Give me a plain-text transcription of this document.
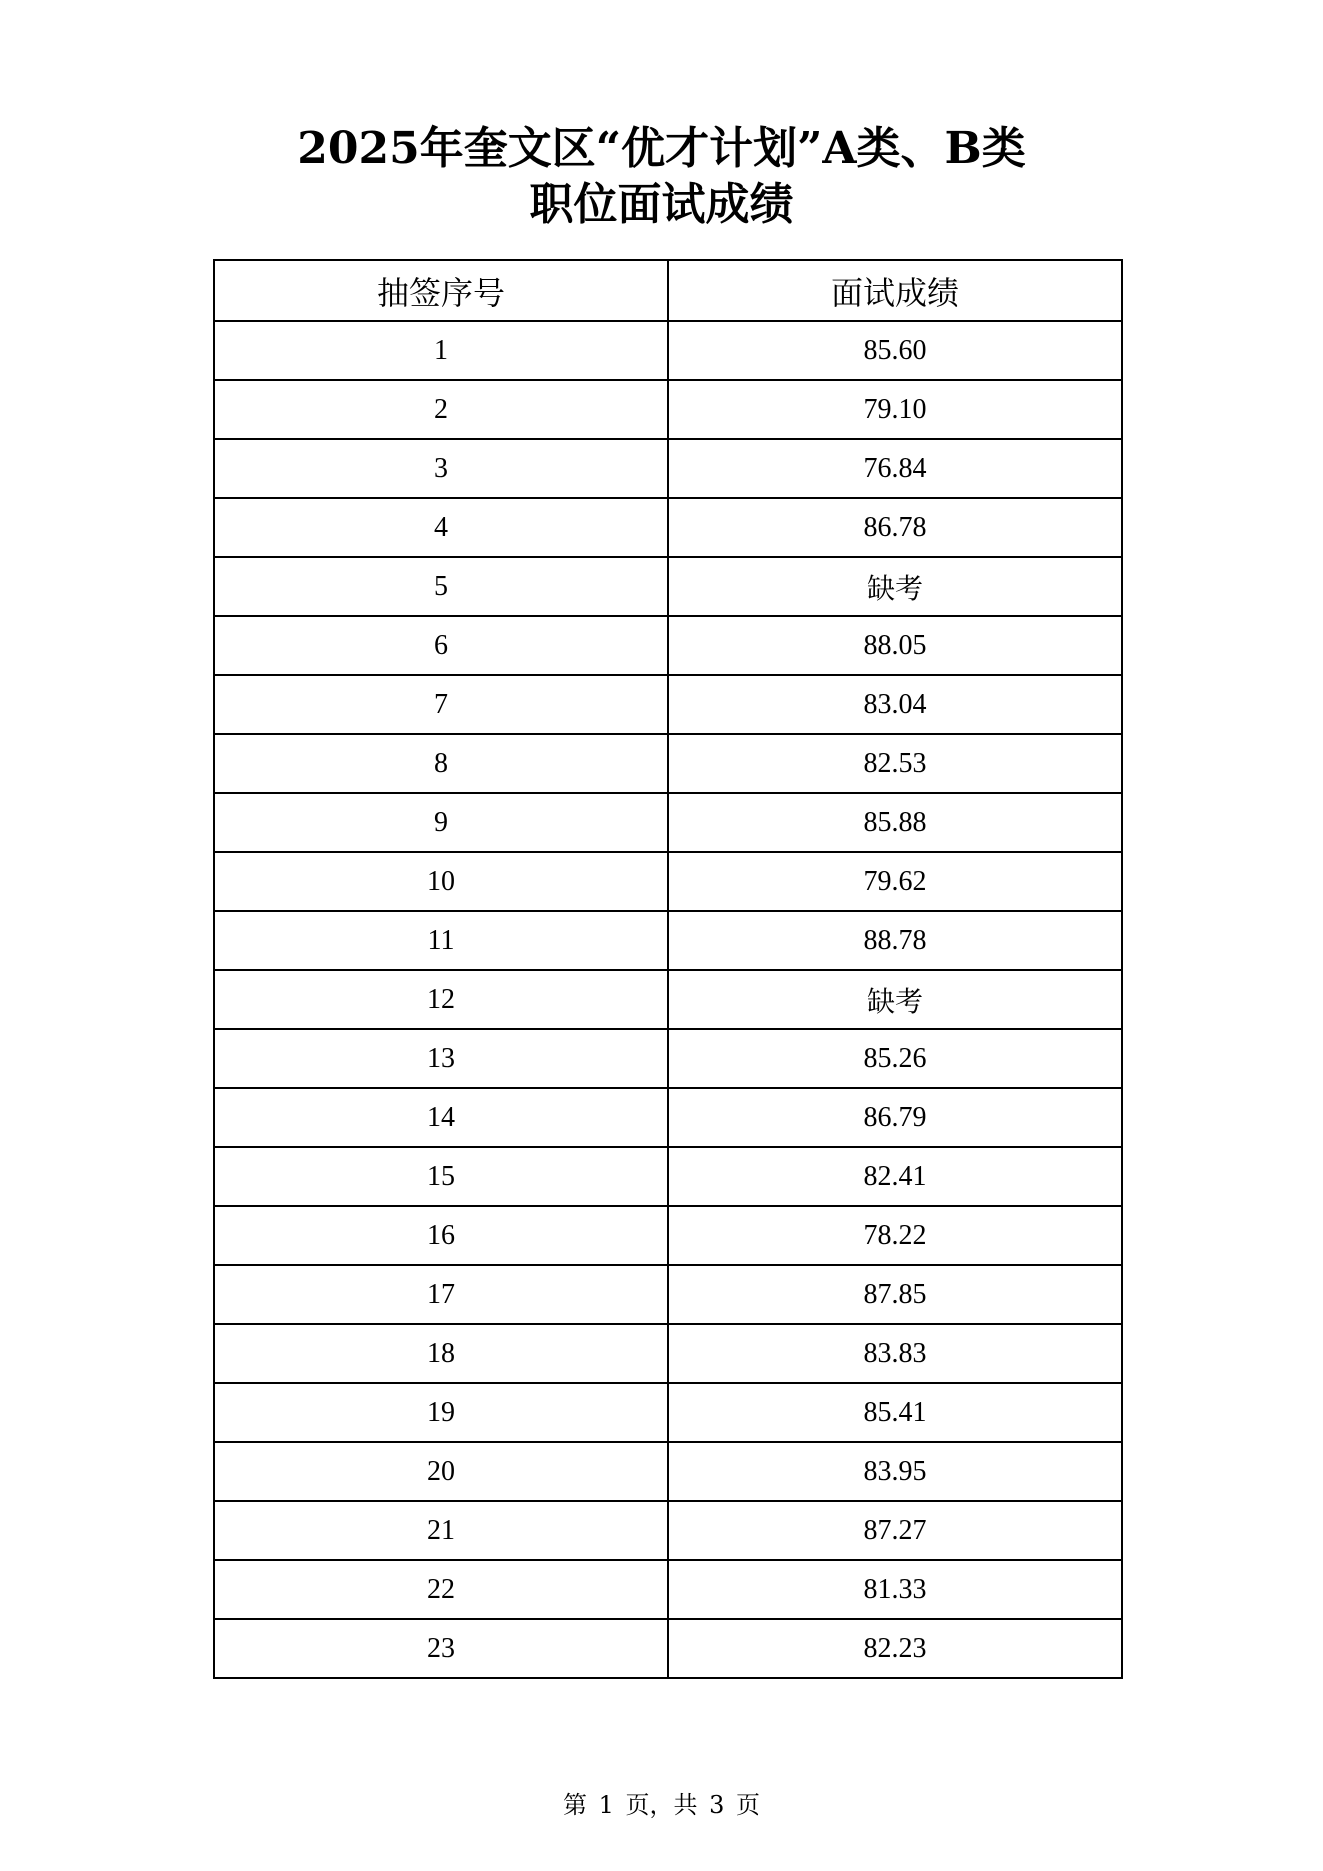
2025年奎文区“优才计划”A类、B类
职位面试成绩
抽签序号	面试成绩
1	85.60
2	79.10
3	76.84
4	86.78
5	缺考
6	88.05
7	83.04
8	82.53
9	85.88
10	79.62
11	88.78
12	缺考
13	85.26
14	86.79
15	82.41
16	78.22
17	87.85
18	83.83
19	85.41
20	83.95
21	87.27
22	81.33
23	82.23
第 1 页，共 3 页
